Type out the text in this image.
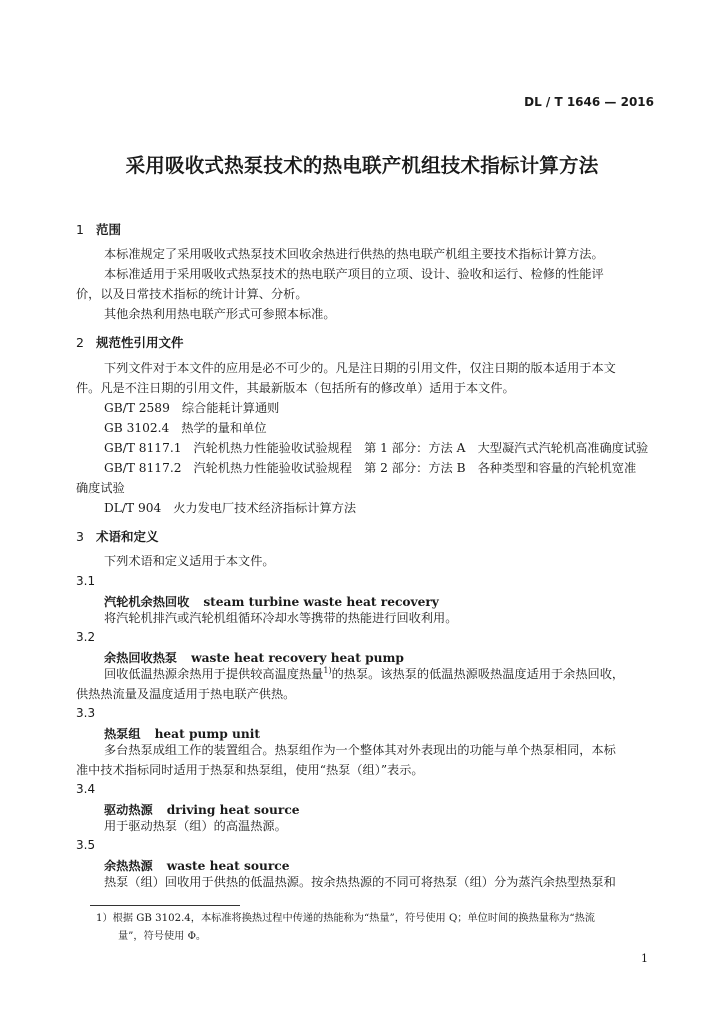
DL / T 1646 — 2016
采用吸收式热泵技术的热电联产机组技术指标计算方法
1 范围
本标准规定了采用吸收式热泵技术回收余热进行供热的热电联产机组主要技术指标计算方法。
本标准适用于采用吸收式热泵技术的热电联产项目的立项、设计、验收和运行、检修的性能评
价，以及日常技术指标的统计计算、分析。
其他余热利用热电联产形式可参照本标准。
2 规范性引用文件
下列文件对于本文件的应用是必不可少的。凡是注日期的引用文件，仅注日期的版本适用于本文
件。凡是不注日期的引用文件，其最新版本（包括所有的修改单）适用于本文件。
GB/T 2589 综合能耗计算通则
GB 3102.4 热学的量和单位
GB/T 8117.1 汽轮机热力性能验收试验规程　第 1 部分：方法 A　大型凝汽式汽轮机高准确度试验
GB/T 8117.2 汽轮机热力性能验收试验规程　第 2 部分：方法 B　各种类型和容量的汽轮机宽准
确度试验
DL/T 904 火力发电厂技术经济指标计算方法
3 术语和定义
下列术语和定义适用于本文件。
3.1
汽轮机余热回收 steam turbine waste heat recovery
将汽轮机排汽或汽轮机组循环冷却水等携带的热能进行回收利用。
3.2
余热回收热泵 waste heat recovery heat pump
回收低温热源余热用于提供较高温度热量$^{1)}$的热泵。该热泵的低温热源吸热温度适用于余热回收，
供热热流量及温度适用于热电联产供热。
3.3
热泵组 heat pump unit
多台热泵成组工作的装置组合。热泵组作为一个整体其对外表现出的功能与单个热泵相同，本标
准中技术指标同时适用于热泵和热泵组，使用“热泵（组）”表示。
3.4
驱动热源 driving heat source
用于驱动热泵（组）的高温热源。
3.5
余热热源 waste heat source
热泵（组）回收用于供热的低温热源。按余热热源的不同可将热泵（组）分为蒸汽余热型热泵和
1）根据 GB 3102.4，本标准将换热过程中传递的热能称为“热量”，符号使用 Q；单位时间的换热量称为“热流
量”，符号使用 Φ。
1
